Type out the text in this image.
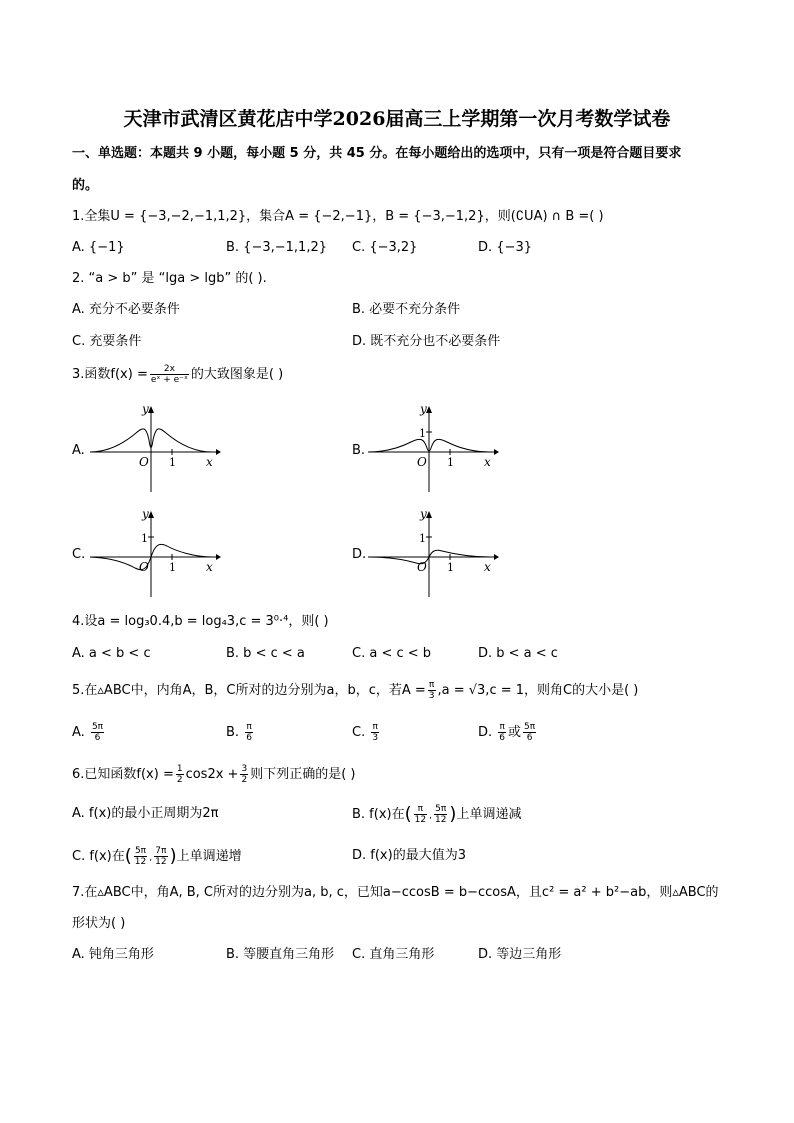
天津市武清区黄花店中学2026届高三上学期第一次月考数学试卷
一、单选题：本题共 9 小题，每小题 5 分，共 45 分。在每小题给出的选项中，只有一项是符合题目要求
的。
1.全集U = {−3,−2,−1,1,2}，集合A = {−2,−1}，B = {−3,−1,2}，则(∁UA) ∩ B =( )
A. {−1}	B. {−3,−1,1,2} C. {−3,2}	D. {−3}
2. “a > b” 是 “lga > lgb” 的( ).
A. 充分不必要条件	B. 必要不充分条件
C. 充要条件	D. 既不充分也不必要条件
3.函数$f(x) = \frac{2x}{\text{eˣ + e⁻ˣ}}$ 的大致图象是( )
A.	B.
C.	D.
y
x
O 1
y
x
O 1
1
y
x
O 1
1
y
x
O 1
1
4.设a = log₃0.4,b = log₄3,c = 3⁰·⁴，则( )
A. a < b < c	B. b < c < a	C. a < c < b	D. b < a < c
5.在▵ABC中，内角A，B，C所对的边分别为a，b，c，若$A = \frac{\pi}{3} ,a = √3,c = 1$，则角C的大小是( )
A. $\frac{5\pi}{6}$	B. $\frac{\pi}{6}$	C. $\frac{\pi}{3}$	D. $\frac{\pi}{6}$ 或 $\frac{5\pi}{6}$
6.已知函数$f(x) = \frac{1}{2} \cos 2x + \frac{3}{2}$ 则下列正确的是( )
A. f(x)的最小正周期为2π	B. f(x)在( $\frac{\pi}{12}$ , $\frac{5\pi}{12}$ )上单调递减
C. f(x)在( $\frac{5\pi}{12}$ , $\frac{7\pi}{12}$ )上单调递增	D. f(x)的最大值为3
7.在▵ABC中，角A, B, C所对的边分别为a, b, c，已知a−ccosB = b−ccosA，且c² = a² + b²−ab，则▵ABC的
形状为( )
A. 钝角三角形	B. 等腰直角三角形 C. 直角三角形	D. 等边三角形
